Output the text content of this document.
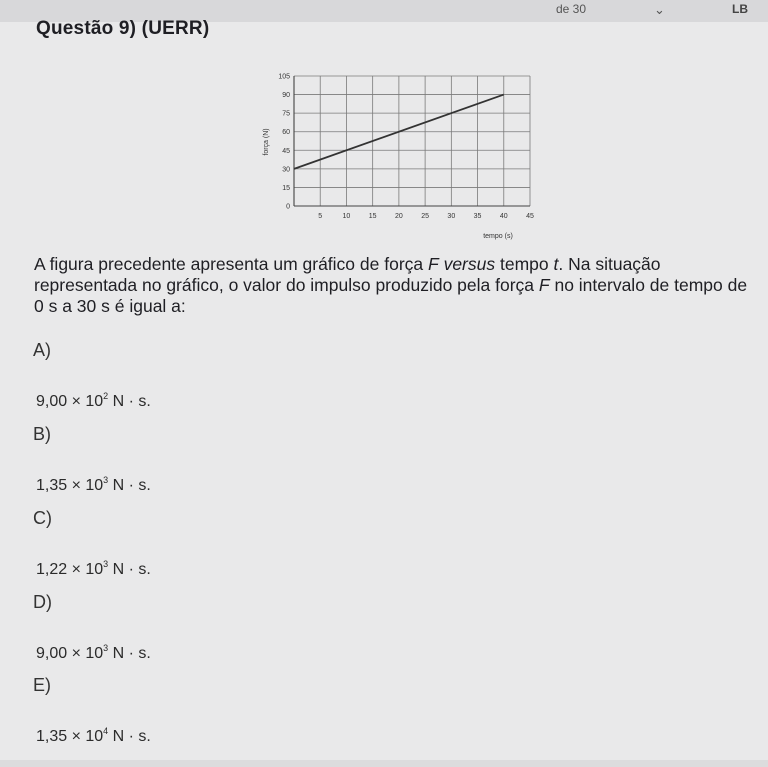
de 30	⌄	LB
Questão 9) (UERR)
5	10	15	20	25	30	35	40	45
0
15
30
45
60
75
90
105
tempo (s)
força (N)
A figura precedente apresenta um gráfico de força F versus tempo t. Na situação representada no gráfico, o valor do impulso produzido pela força F no intervalo de tempo de 0 s a 30 s é igual a:
A)
$9,00 \times 10^2$ N · s.
B)
$1,35 \times 10^3$ N · s.
C)
$1,22 \times 10^3$ N · s.
D)
$9,00 \times 10^3$ N · s.
E)
$1,35 \times 10^4$ N · s.
